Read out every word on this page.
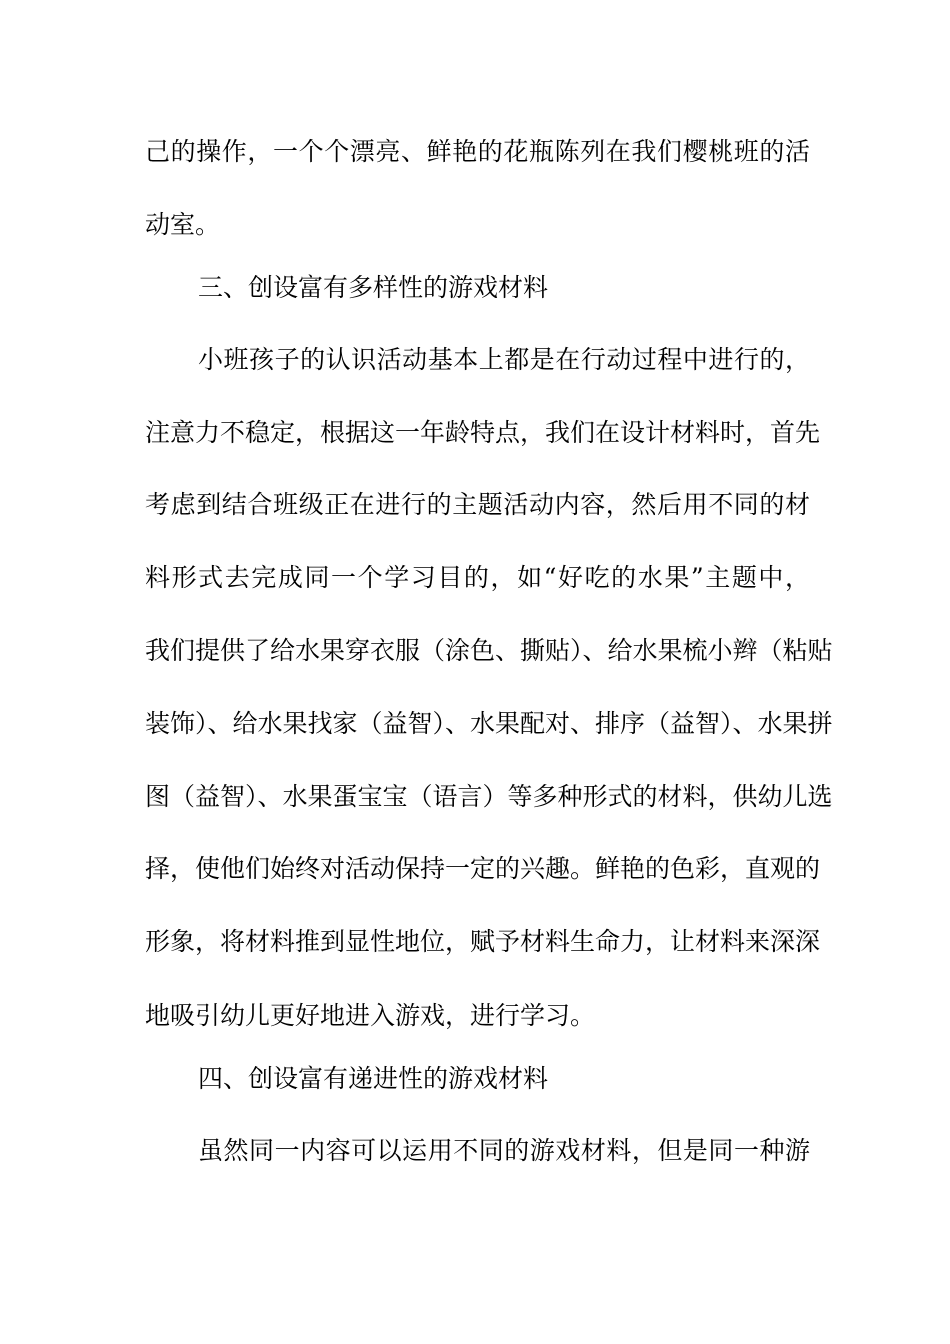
己的操作，一个个漂亮、鲜艳的花瓶陈列在我们樱桃班的活
动室。
三、创设富有多样性的游戏材料
小班孩子的认识活动基本上都是在行动过程中进行的，
注意力不稳定，根据这一年龄特点，我们在设计材料时，首先
考虑到结合班级正在进行的主题活动内容，然后用不同的材
料形式去完成同一个学习目的，如“好吃的水果”主题中，
我们提供了给水果穿衣服（涂色、撕贴）、给水果梳小辫（粘贴
装饰）、给水果找家（益智）、水果配对、排序（益智）、水果拼
图（益智）、水果蛋宝宝（语言）等多种形式的材料，供幼儿选
择，使他们始终对活动保持一定的兴趣。鲜艳的色彩，直观的
形象，将材料推到显性地位，赋予材料生命力，让材料来深深
地吸引幼儿更好地进入游戏，进行学习。
四、创设富有递进性的游戏材料
虽然同一内容可以运用不同的游戏材料，但是同一种游
